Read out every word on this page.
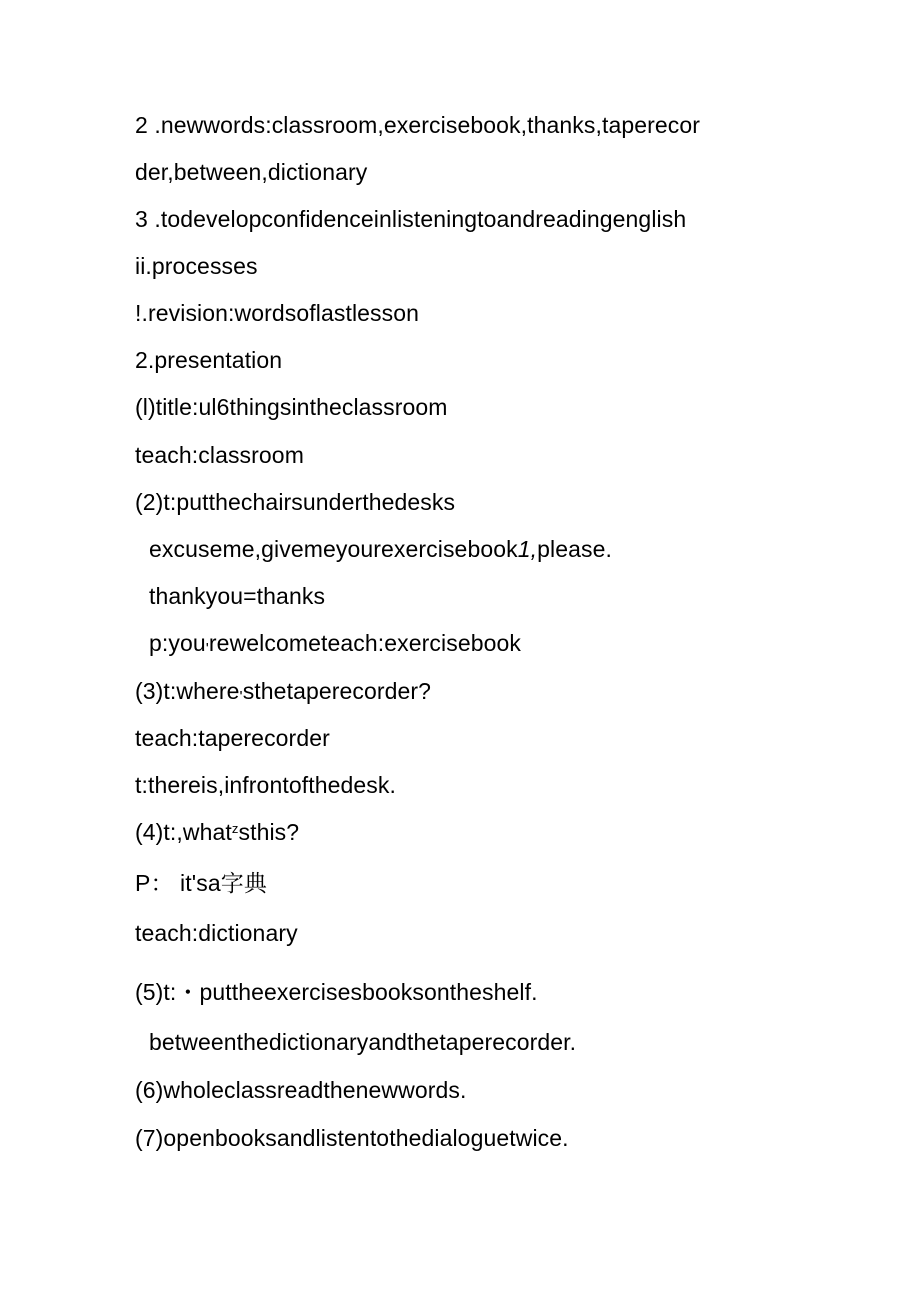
2 .newwords:classroom,exercisebook,thanks,taperecor
der,between,dictionary
3 .todevelopconfidenceinlisteningtoandreadingenglish
ii.processes
!.revision:wordsoflastlesson
2.presentation
(l)title:ul6thingsintheclassroom
teach:classroom
(2)t:putthechairsunderthedesks
excuseme,givemeyourexercisebook1,please.
thankyou=thanks
p:you'rewelcometeach:exercisebook
(3)t:where'sthetaperecorder?
teach:taperecorder
t:thereis,infrontofthedesk.
(4)t:,what$^z$sthis?
P： it'sa字典
teach:dictionary
(5)t:・puttheexercisesbooksontheshelf.
betweenthedictionaryandthetaperecorder.
(6)wholeclassreadthenewwords.
(7)openbooksandlistentothedialoguetwice.
